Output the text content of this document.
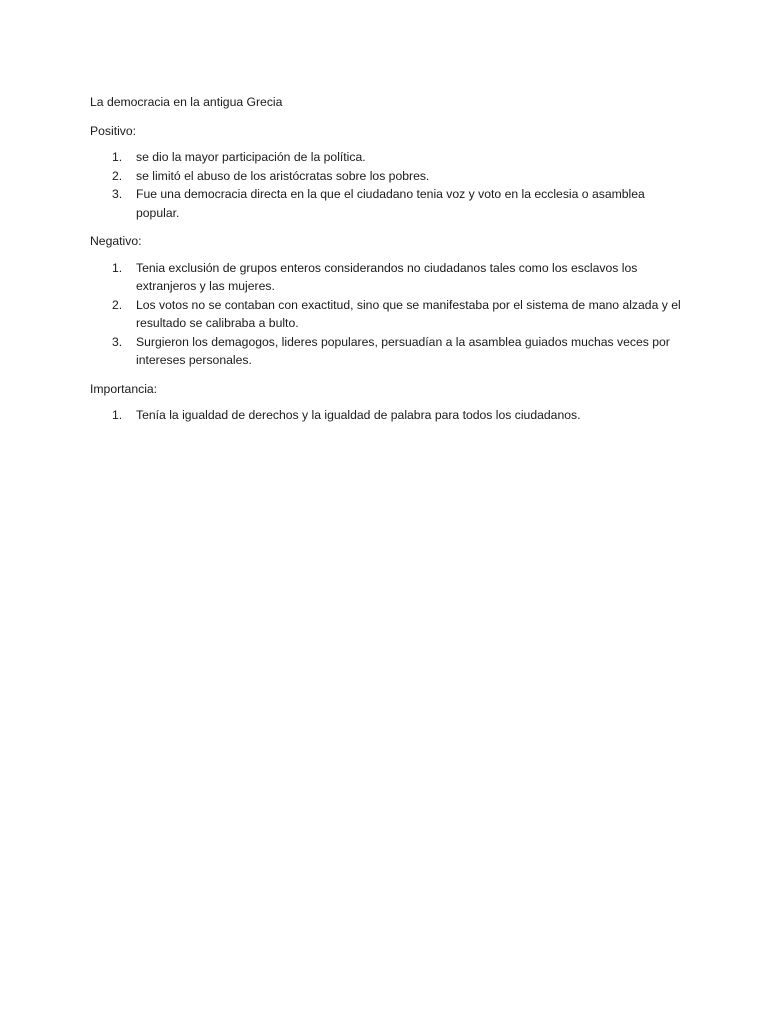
La democracia en la antigua Grecia

Positivo:

1.	se dio la mayor participación de la política.
2.	se limitó el abuso de los aristócratas sobre los pobres.
3.	Fue una democracia directa en la que el ciudadano tenia voz y voto en la ecclesia o asamblea popular.

Negativo:

1.	Tenia exclusión de grupos enteros considerandos no ciudadanos tales como los esclavos los extranjeros y las mujeres.
2.	Los votos no se contaban con exactitud, sino que se manifestaba por el sistema de mano alzada y el resultado se calibraba a bulto.
3.	Surgieron los demagogos, lideres populares, persuadían a la asamblea guiados muchas veces por intereses personales.

Importancia:

1.	Tenía la igualdad de derechos y la igualdad de palabra para todos los ciudadanos.
